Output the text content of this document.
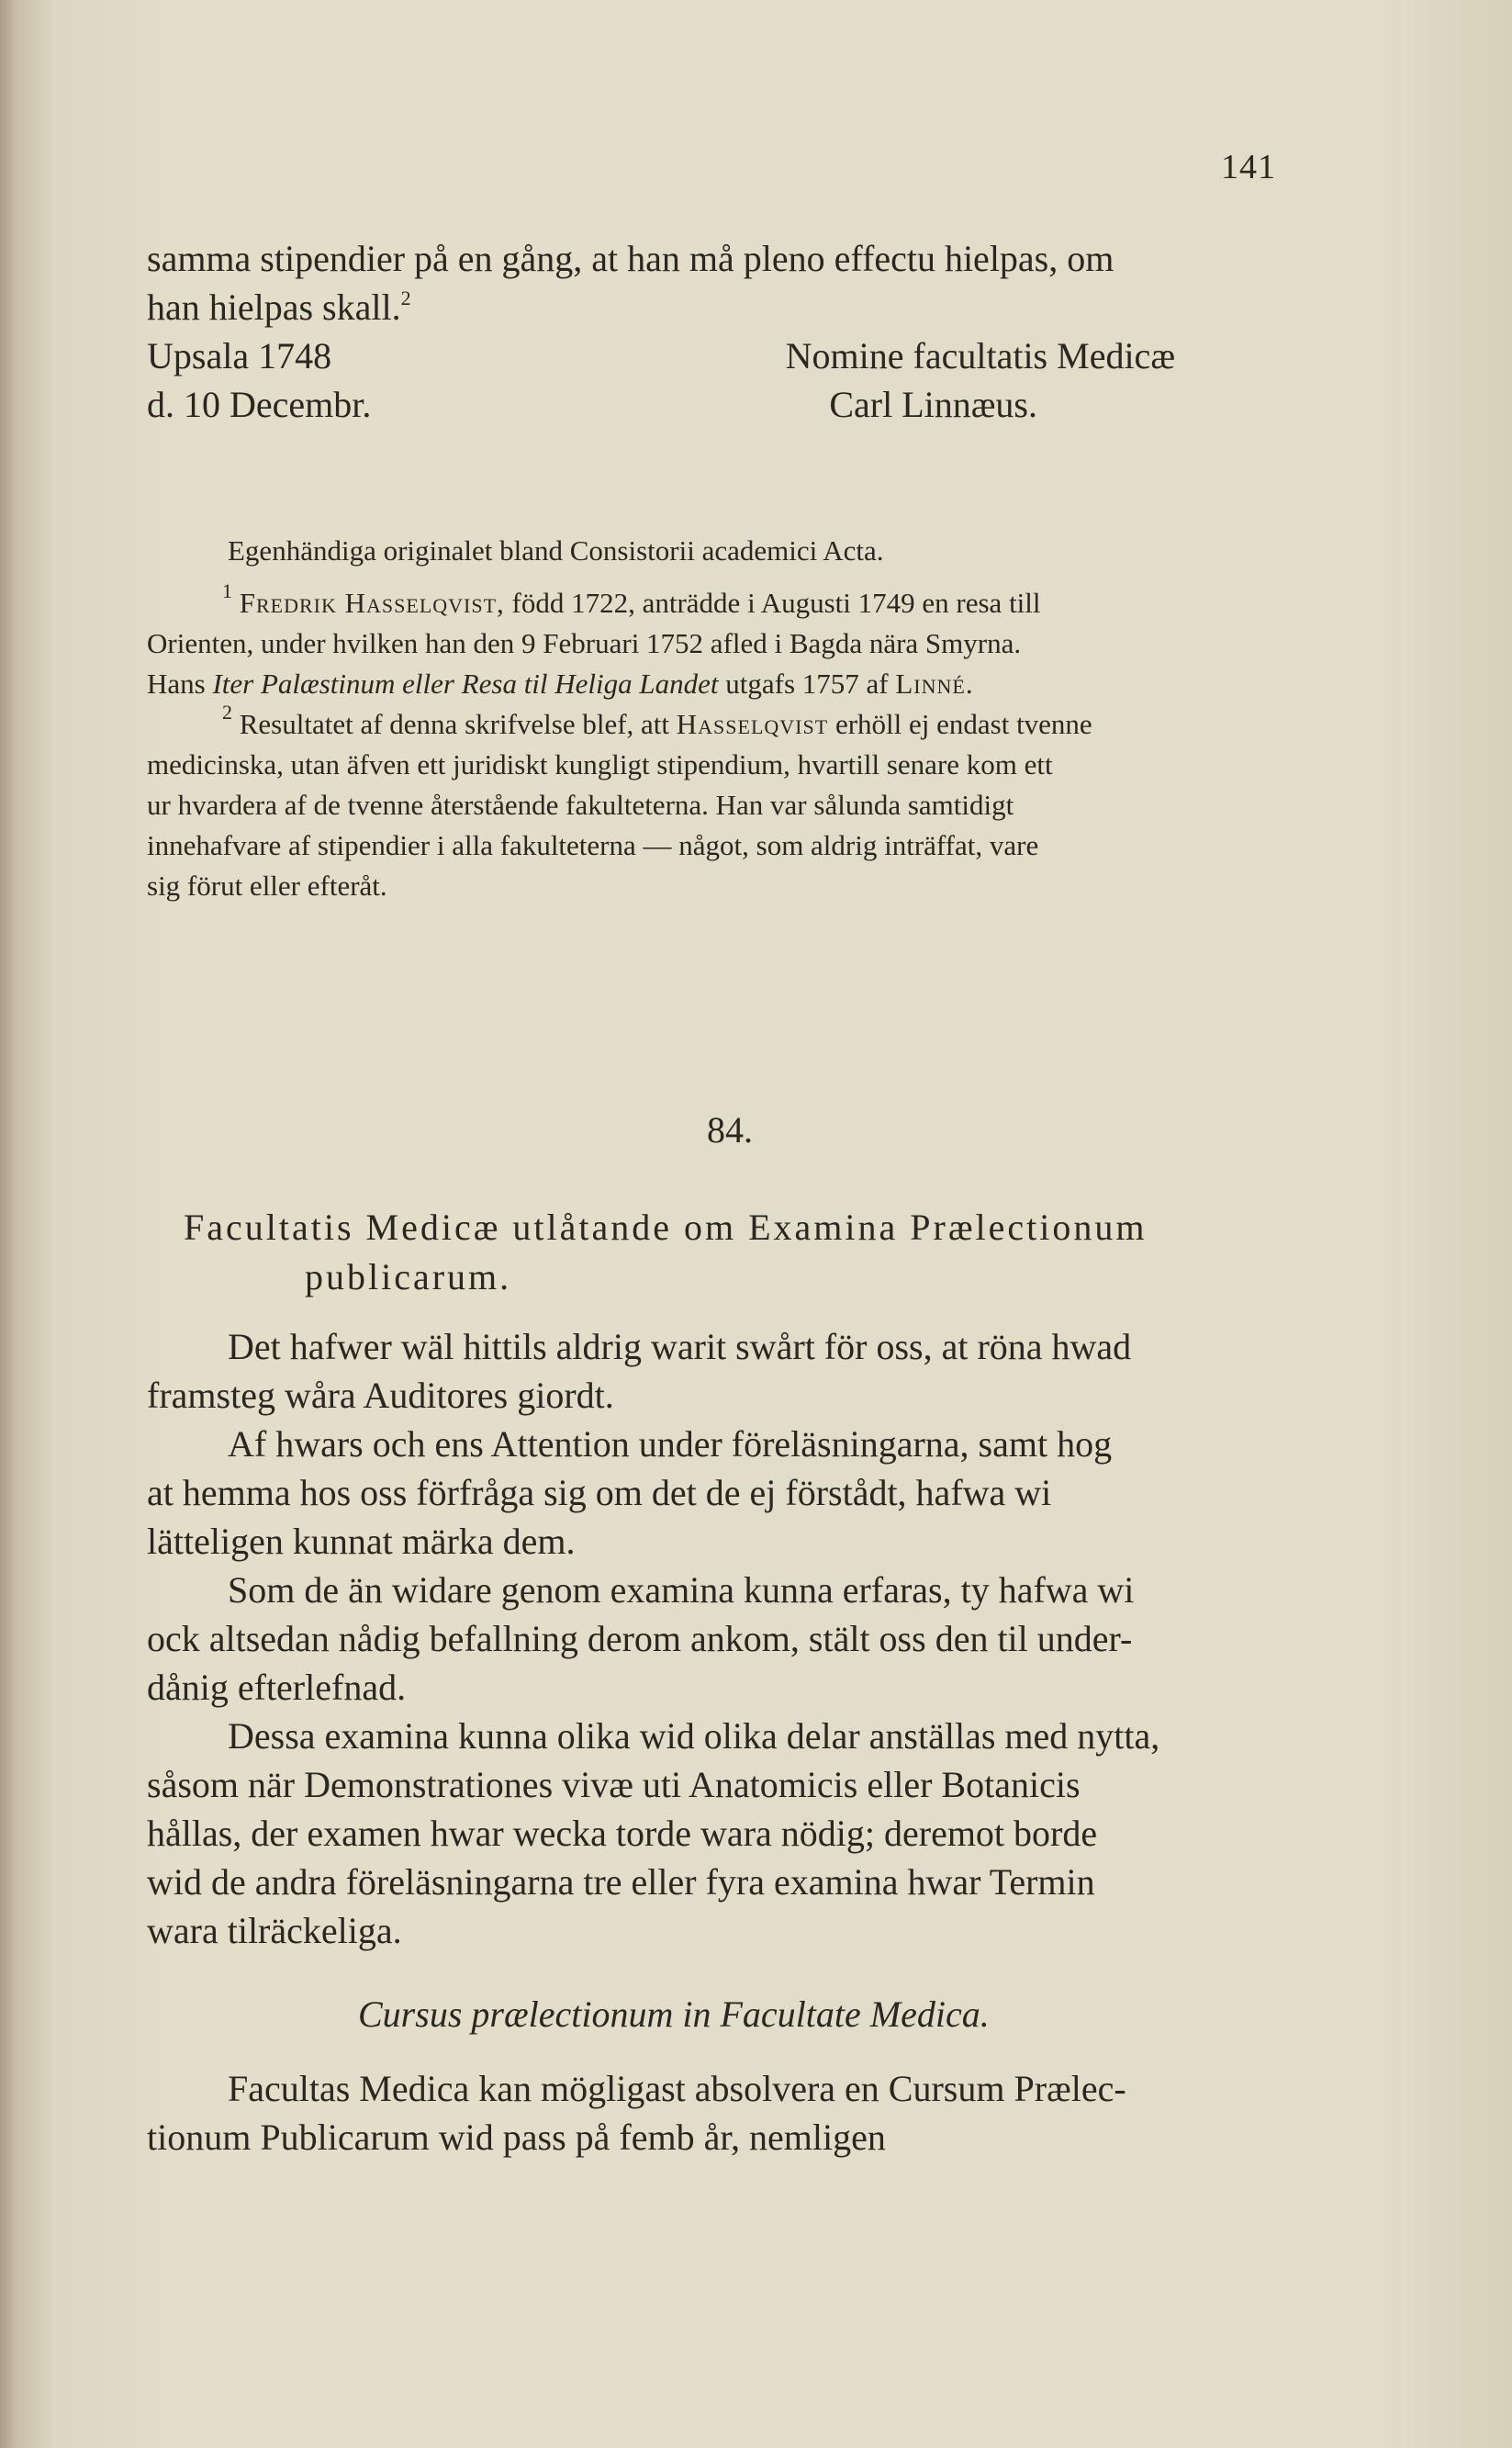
141
samma stipendier på en gång, at han må pleno effectu hielpas, om
han hielpas skall.$^2$
Upsala 1748	Nomine facultatis Medicæ
d. 10 Decembr.	Carl Linnæus.
Egenhändiga originalet bland Consistorii academici Acta.
$^1$ Fredrik Hasselqvist, född 1722, anträdde i Augusti 1749 en resa till
Orienten, under hvilken han den 9 Februari 1752 afled i Bagda nära Smyrna.
Hans Iter Palæstinum eller Resa til Heliga Landet utgafs 1757 af Linné.
$^2$ Resultatet af denna skrifvelse blef, att Hasselqvist erhöll ej endast tvenne
medicinska, utan äfven ett juridiskt kungligt stipendium, hvartill senare kom ett
ur hvardera af de tvenne återstående fakulteterna. Han var sålunda samtidigt
innehafvare af stipendier i alla fakulteterna — något, som aldrig inträffat, vare
sig förut eller efteråt.
84.
Facultatis Medicæ utlåtande om Examina Prælectionum
publicarum.
Det hafwer wäl hittils aldrig warit swårt för oss, at röna hwad
framsteg wåra Auditores giordt.
Af hwars och ens Attention under föreläsningarna, samt hog
at hemma hos oss förfråga sig om det de ej förstådt, hafwa wi
lätteligen kunnat märka dem.
Som de än widare genom examina kunna erfaras, ty hafwa wi
ock altsedan nådig befallning derom ankom, stält oss den til under-
dånig efterlefnad.
Dessa examina kunna olika wid olika delar anställas med nytta,
såsom när Demonstrationes vivæ uti Anatomicis eller Botanicis
hållas, der examen hwar wecka torde wara nödig; deremot borde
wid de andra föreläsningarna tre eller fyra examina hwar Termin
wara tilräckeliga.
Cursus prælectionum in Facultate Medica.
Facultas Medica kan mögligast absolvera en Cursum Prælec-
tionum Publicarum wid pass på femb år, nemligen
